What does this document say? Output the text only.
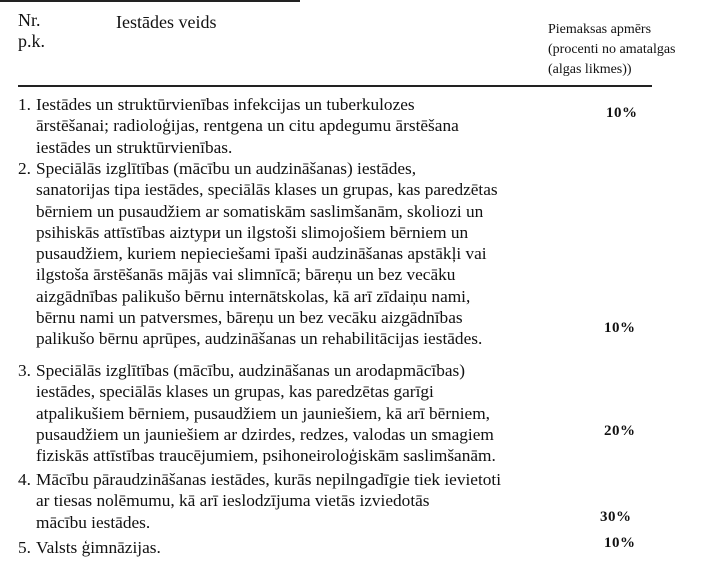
Nr.
p.k.
Iestādes veids	Piemaksas apmērs
(procenti no amatalgas
(algas likmes))
1. Iestādes un struktūrvienības infekcijas un tuberkulozes
ārstēšanai; radioloģijas, rentgena un citu apdegumu ārstēšana
iestādes un struktūrvienības.
10%
2. Speciālās izglītības (mācību un audzināšanas) iestādes,
sanatorijas tipa iestādes, speciālās klases un grupas, kas paredzētas
bērniem un pusaudžiem ar somatiskām saslimšanām, skoliozi un
psihiskās attīstības aiztури un ilgstoši slimojošiem bērniem un
pusaudžiem, kuriem nepieciešami īpaši audzināšanas apstākļi vai
ilgstoša ārstēšanās mājās vai slimnīcā; bāreņu un bez vecāku
aizgādnības palikušo bērnu internātskolas, kā arī zīdaiņu nami,
bērnu nami un patversmes, bāreņu un bez vecāku aizgādnības
palikušo bērnu aprūpes, audzināšanas un rehabilitācijas iestādes.
10%
3. Speciālās izglītības (mācību, audzināšanas un arodapmācības)
iestādes, speciālās klases un grupas, kas paredzētas garīgi
atpalikušiem bērniem, pusaudžiem un jauniešiem, kā arī bērniem,
pusaudžiem un jauniešiem ar dzirdes, redzes, valodas un smagiem
fiziskās attīstības traucējumiem, psihoneiroloģiskām saslimšanām.
20%
4. Mācību pāraudzināšanas iestādes, kurās nepilngadīgie tiek ievietoti
ar tiesas nolēmumu, kā arī ieslodzījuma vietās izviedotās
mācību iestādes.	30%
5. Valsts ģimnāzijas.	10%
